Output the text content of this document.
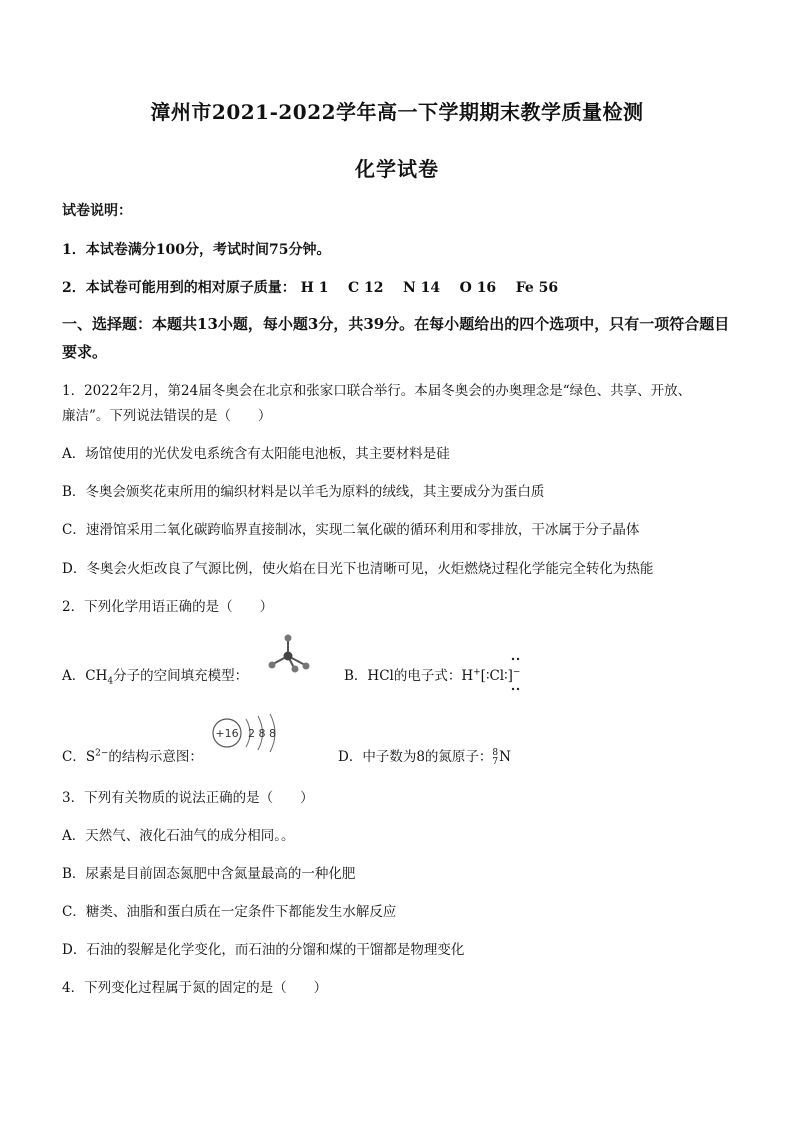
漳州市2021-2022学年高一下学期期末教学质量检测
化学试卷
试卷说明：
1．本试卷满分100分，考试时间75分钟。
2．本试卷可能用到的相对原子质量： H 1 C 12 N 14 O 16 Fe 56
一、选择题：本题共13小题，每小题3分，共39分。在每小题给出的四个选项中，只有一项符合题目要求。
1．2022年2月，第24届冬奥会在北京和张家口联合举行。本届冬奥会的办奥理念是“绿色、共享、开放、
廉洁”。下列说法错误的是（　　）
A．场馆使用的光伏发电系统含有太阳能电池板，其主要材料是硅
B．冬奥会颁奖花束所用的编织材料是以羊毛为原料的绒线，其主要成分为蛋白质
C．速滑馆采用二氧化碳跨临界直接制冰，实现二氧化碳的循环利用和零排放，干冰属于分子晶体
D．冬奥会火炬改良了气源比例，使火焰在日光下也清晰可见，火炬燃烧过程化学能完全转化为热能
2．下列化学用语正确的是（　　）
A．$CH_4$分子的空间填充模型：	B．HCl的电子式：H+[∶Cl∶]−
C．$S^{2-}$的结构示意图：
+16 2 8 8
D．中子数为8的氮原子：8
7N
3．下列有关物质的说法正确的是（　　）
A．天然气、液化石油气的成分相同。。
B．尿素是目前固态氮肥中含氮量最高的一种化肥
C．糖类、油脂和蛋白质在一定条件下都能发生水解反应
D．石油的裂解是化学变化，而石油的分馏和煤的干馏都是物理变化
4．下列变化过程属于氮的固定的是（　　）
